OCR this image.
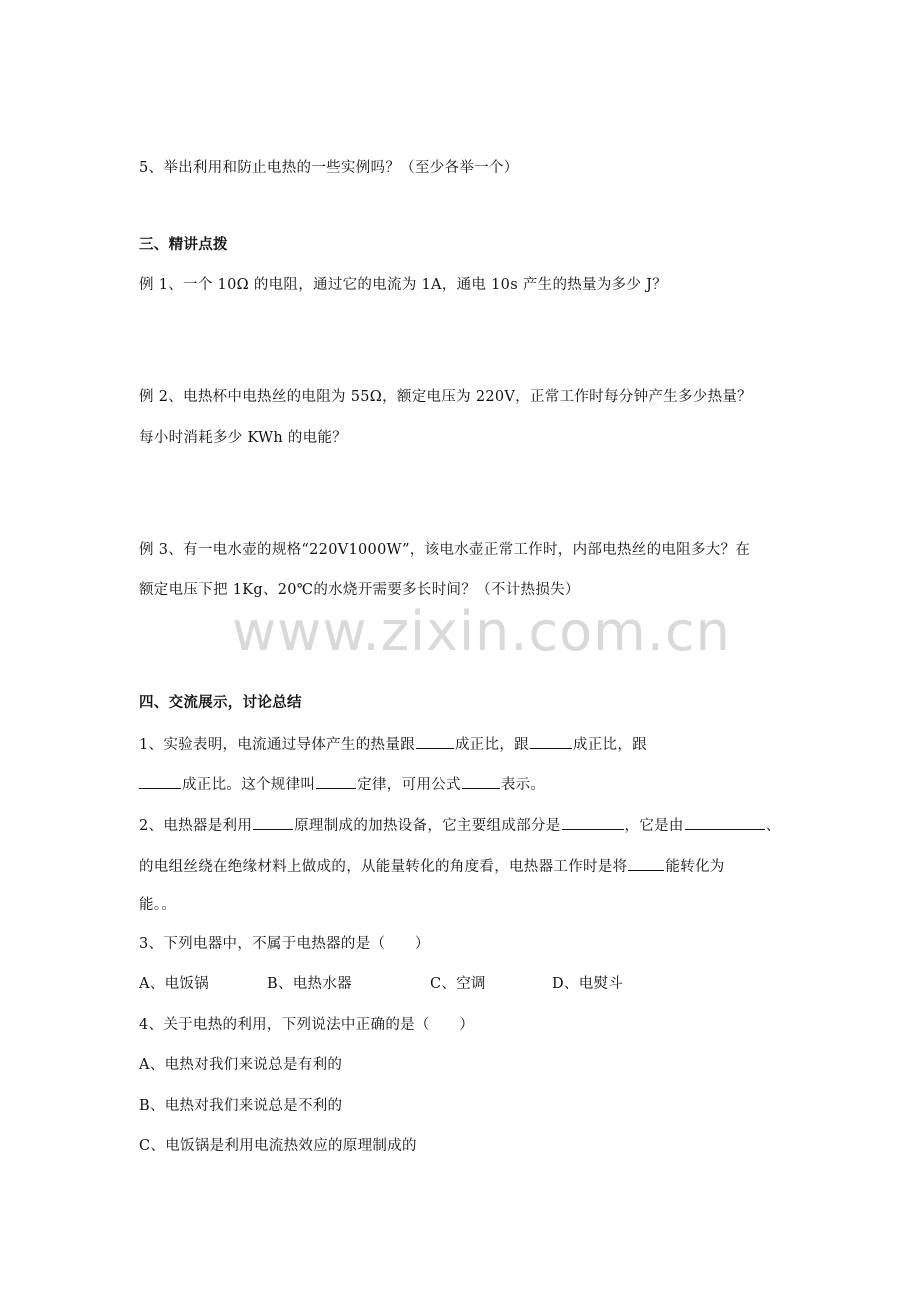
5、举出利用和防止电热的一些实例吗？（至少各举一个）
三、精讲点拨
例 1、一个 10Ω 的电阻，通过它的电流为 1A，通电 10s 产生的热量为多少 J？
例 2、电热杯中电热丝的电阻为 55Ω，额定电压为 220V，正常工作时每分钟产生多少热量？
每小时消耗多少 KWh 的电能？
例 3、有一电水壶的规格“220V1000W”，该电水壶正常工作时，内部电热丝的电阻多大？在
额定电压下把 1Kg、20℃的水烧开需要多长时间？（不计热损失）
www.zixin.com.cn
四、交流展示，讨论总结
1、实验表明，电流通过导体产生的热量跟	成正比，跟	成正比，跟
成正比。这个规律叫	定律，可用公式	表示。
2、电热器是利用	原理制成的加热设备，它主要组成部分是	，它是由	、
的电组丝绕在绝缘材料上做成的，从能量转化的角度看，电热器工作时是将	能转化为
能。。
3、下列电器中，不属于电热器的是（　　）
A、电饭锅	B、电热水器	C、空调	D、电熨斗
4、关于电热的利用，下列说法中正确的是（　　）
A、电热对我们来说总是有利的
B、电热对我们来说总是不利的
C、电饭锅是利用电流热效应的原理制成的
